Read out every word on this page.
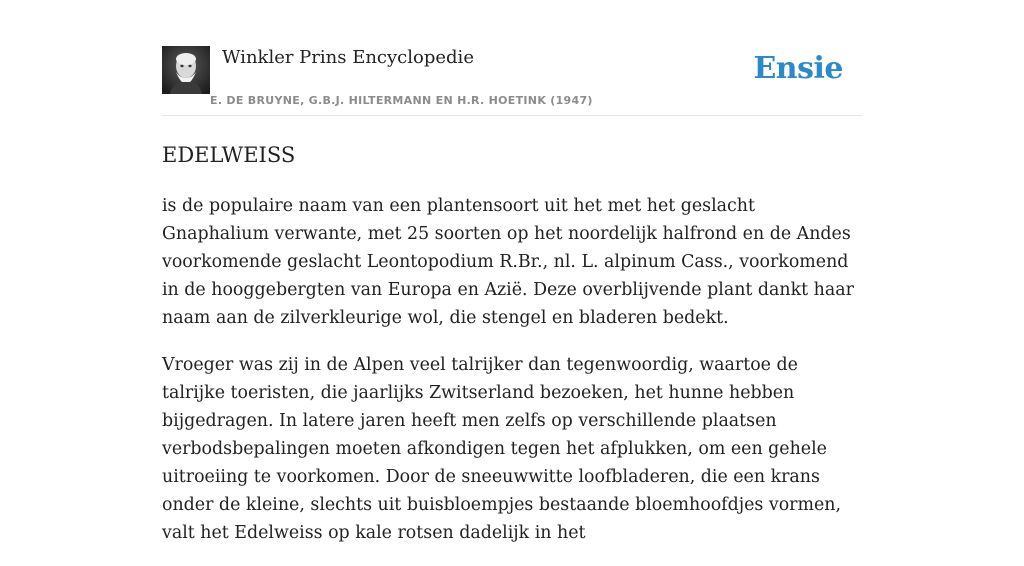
Winkler Prins Encyclopedie
E. DE BRUYNE, G.B.J. HILTERMANN EN H.R. HOETINK (1947)
Ensie
EDELWEISS

is de populaire naam van een plantensoort uit het met het geslacht Gnaphalium verwante, met 25 soorten op het noordelijk halfrond en de Andes voorkomende geslacht Leontopodium R.Br., nl. L. alpinum Cass., voorkomend in de hooggebergten van Europa en Azië. Deze overblijvende plant dankt haar naam aan de zilverkleurige wol, die stengel en bladeren bedekt.

Vroeger was zij in de Alpen veel talrijker dan tegenwoordig, waartoe de talrijke toeristen, die jaarlijks Zwitserland bezoeken, het hunne hebben bijgedragen. In latere jaren heeft men zelfs op verschillende plaatsen verbodsbepalingen moeten afkondigen tegen het afplukken, om een gehele uitroeiing te voorkomen. Door de sneeuwwitte loofbladeren, die een krans onder de kleine, slechts uit buisbloempjes bestaande bloemhoofdjes vormen, valt het Edelweiss op kale rotsen dadelijk in het
